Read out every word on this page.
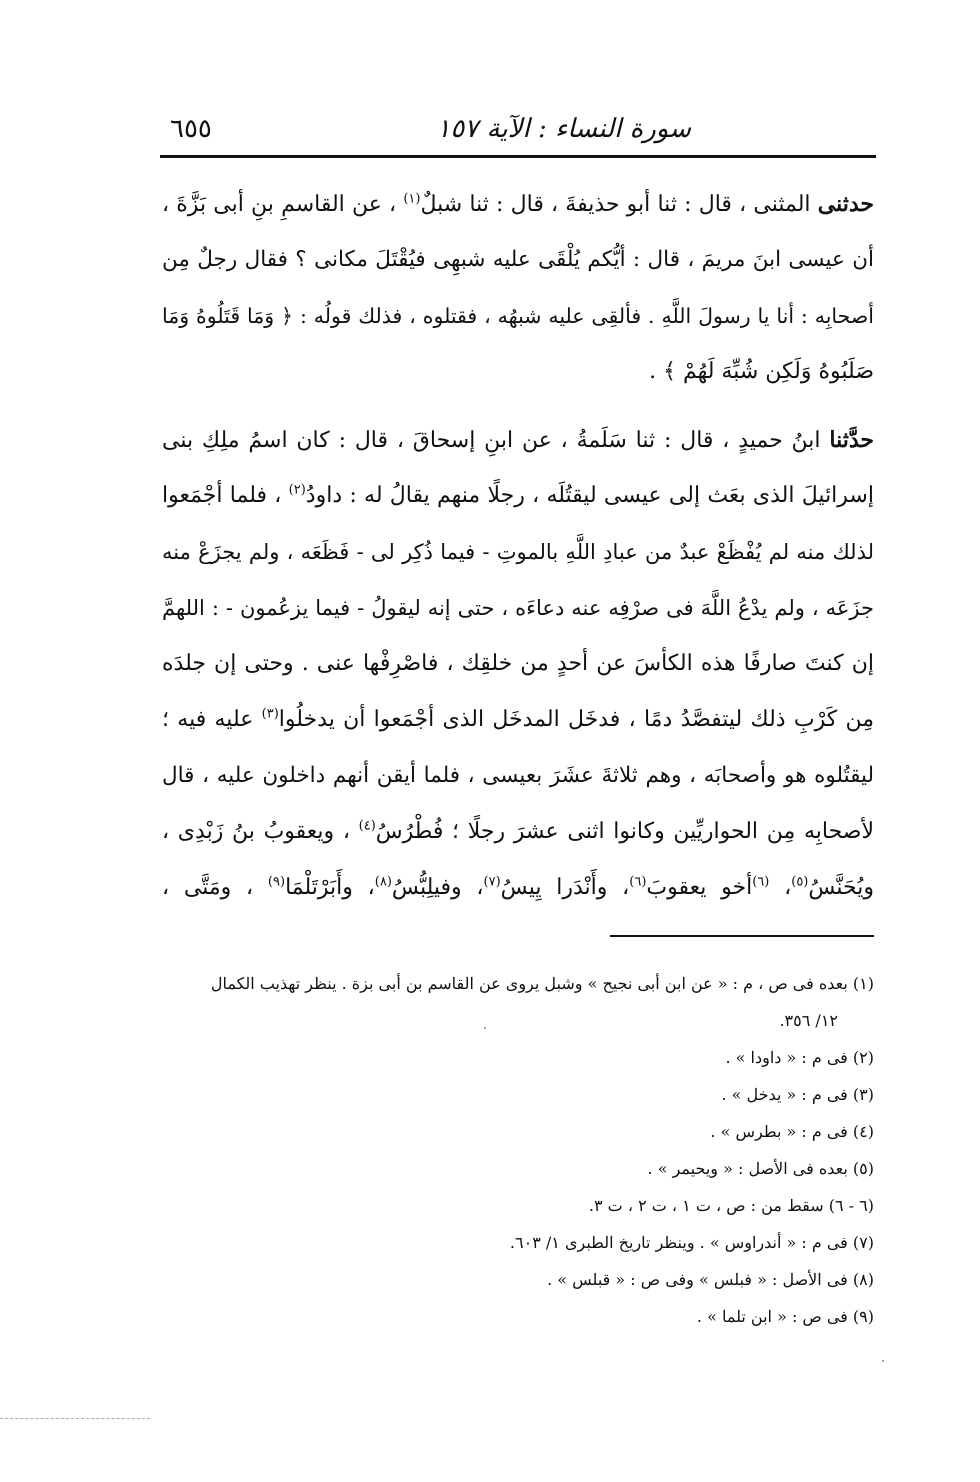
سورة النساء : الآية ١٥٧
٦٥٥
حدثنى المثنى ، قال : ثنا أبو حذيفةَ ، قال : ثنا شبلٌ$^{(١)}$ ، عن القاسمِ بنِ أبى بَزَّةَ ،
أن عيسى ابنَ مريمَ ، قال : أيُّكم يُلْقَى عليه شبهِى فيُقْتَلَ مكانى ؟ فقال رجلٌ مِن
أصحابِه : أنا يا رسولَ اللَّهِ . فألقِى عليه شبهُه ، فقتلوه ، فذلك قولُه : ﴿ وَمَا قَتَلُوهُ وَمَا
صَلَبُوهُ وَلَكِن شُبِّهَ لَهُمْ ﴾ .
حدَّثنا ابنُ حميدٍ ، قال : ثنا سَلَمةُ ، عن ابنِ إسحاقَ ، قال : كان اسمُ ملِكِ بنى
إسرائيلَ الذى بعَث إلى عيسى ليقتُلَه ، رجلًا منهم يقالُ له : داودُ$^{(٢)}$ ، فلما أجْمَعوا
لذلك منه لم يُفْظَعْ عبدٌ من عبادِ اللَّهِ بالموتِ - فيما ذُكِر لى - فَظَعَه ، ولم يجزَعْ منه
جزَعَه ، ولم يدْعُ اللَّهَ فى صرْفِه عنه دعاءَه ، حتى إنه ليقولُ - فيما يزعُمون - : اللهمَّ
إن كنتَ صارفًا هذه الكأسَ عن أحدٍ من خلقِك ، فاصْرِفْها عنى . وحتى إن جلدَه
مِن كَرْبِ ذلك ليتفصَّدُ دمًا ، فدخَل المدخَل الذى أجْمَعوا أن يدخلُوا$^{(٣)}$ عليه فيه ؛
ليقتُلوه هو وأصحابَه ، وهم ثلاثةَ عشَرَ بعيسى ، فلما أيقن أنهم داخلون عليه ، قال
لأصحابِه مِن الحواريِّين وكانوا اثنى عشرَ رجلًا ؛ فُطْرُسُ$^{(٤)}$ ، ويعقوبُ بنُ زَبْدِى ،
ويُحَنَّسُ$^{(٥)}$، $^{(٦)}$أخو يعقوبَ$^{(٦)}$، وأَنْدَرا يِيسُ$^{(٧)}$، وفيلِبُّسُ$^{(٨)}$، وأَبَرْتَلْمَا$^{(٩)}$ ، ومَتَّى ،
(١) بعده فى ص ، م : « عن ابن أبى نجيح » وشبل يروى عن القاسم بن أبى بزة . ينظر تهذيب الكمال
١٢/ ٣٥٦.
(٢) فى م : « داودا » .
(٣) فى م : « يدخل » .
(٤) فى م : « بطرس » .
(٥) بعده فى الأصل : « ويحيمر » .
(٦ - ٦) سقط من : ص ، ت ١ ، ت ٢ ، ت ٣.
(٧) فى م : « أندراوس » . وينظر تاريخ الطبرى ١/ ٦٠٣.
(٨) فى الأصل : « فبلس » وفى ص : « قبلس » .
(٩) فى ص : « ابن تلما » .
